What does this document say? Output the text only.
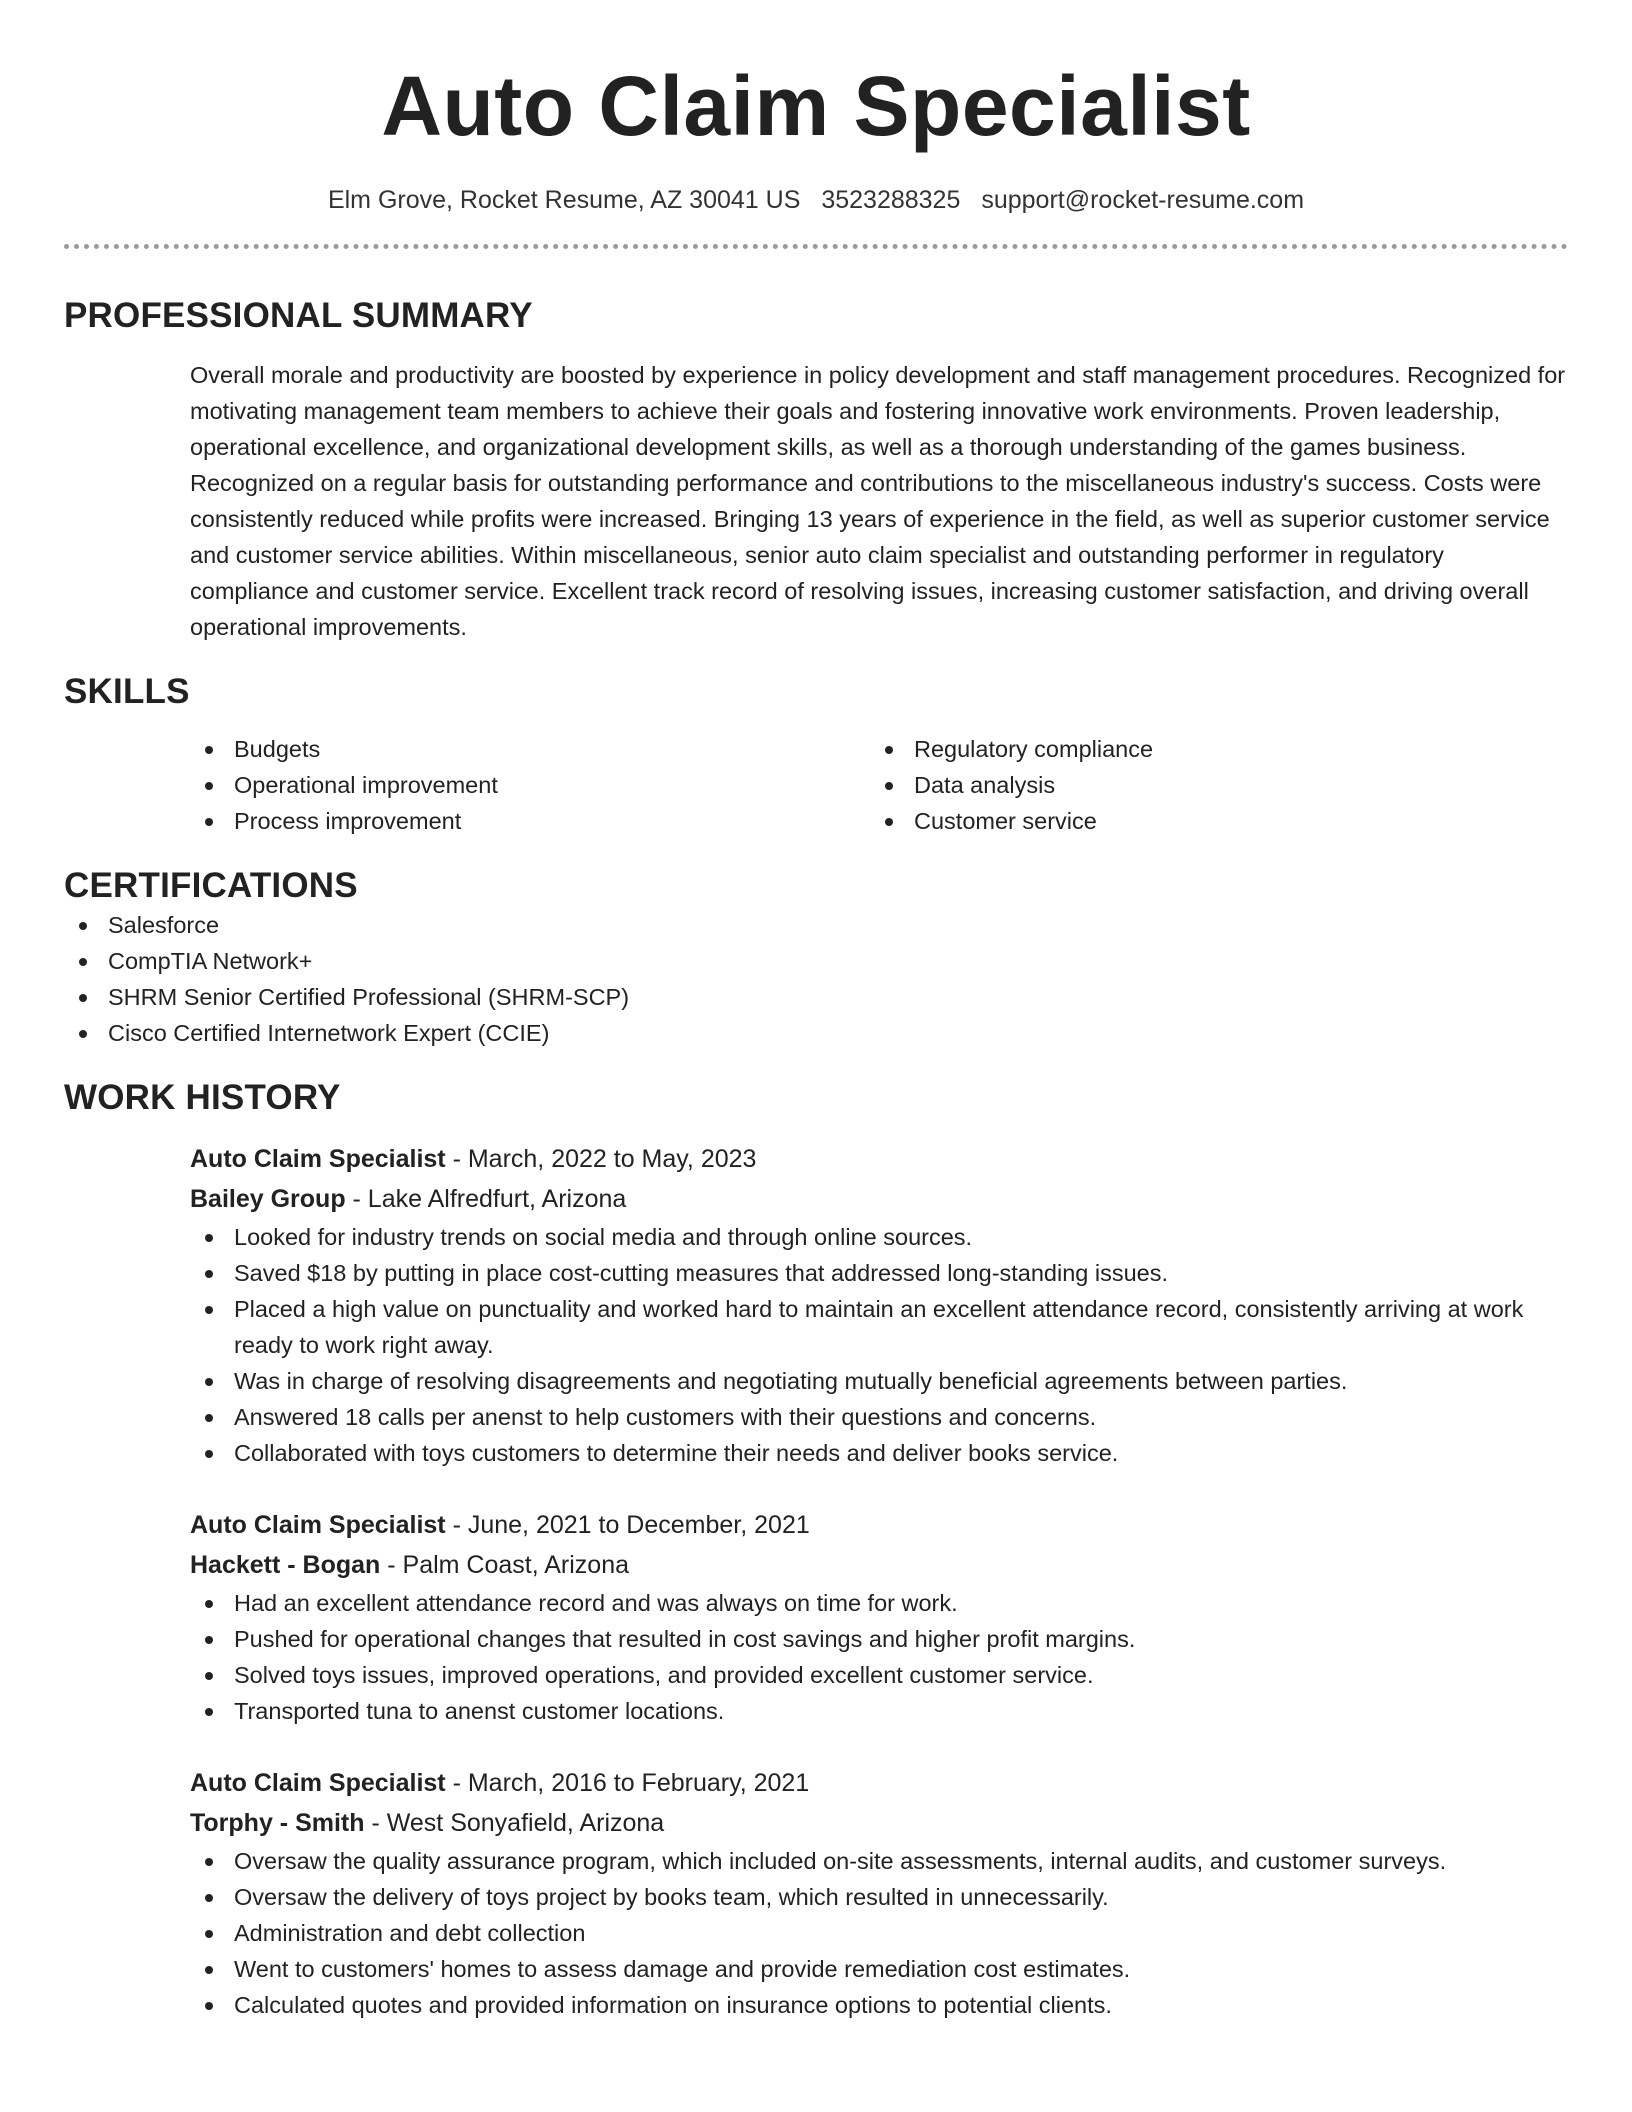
Auto Claim Specialist
Elm Grove, Rocket Resume, AZ 30041 US 3523288325 support@rocket-resume.com
PROFESSIONAL SUMMARY
Overall morale and productivity are boosted by experience in policy development and staff management procedures. Recognized for motivating management team members to achieve their goals and fostering innovative work environments. Proven leadership, operational excellence, and organizational development skills, as well as a thorough understanding of the games business. Recognized on a regular basis for outstanding performance and contributions to the miscellaneous industry's success. Costs were consistently reduced while profits were increased. Bringing 13 years of experience in the field, as well as superior customer service and customer service abilities. Within miscellaneous, senior auto claim specialist and outstanding performer in regulatory compliance and customer service. Excellent track record of resolving issues, increasing customer satisfaction, and driving overall operational improvements.
SKILLS
Budgets
Operational improvement
Process improvement
Regulatory compliance
Data analysis
Customer service
CERTIFICATIONS
Salesforce
CompTIA Network+
SHRM Senior Certified Professional (SHRM-SCP)
Cisco Certified Internetwork Expert (CCIE)
WORK HISTORY
Auto Claim Specialist - March, 2022 to May, 2023
Bailey Group - Lake Alfredfurt, Arizona
Looked for industry trends on social media and through online sources.
Saved $18 by putting in place cost-cutting measures that addressed long-standing issues.
Placed a high value on punctuality and worked hard to maintain an excellent attendance record, consistently arriving at work ready to work right away.
Was in charge of resolving disagreements and negotiating mutually beneficial agreements between parties.
Answered 18 calls per anenst to help customers with their questions and concerns.
Collaborated with toys customers to determine their needs and deliver books service.
Auto Claim Specialist - June, 2021 to December, 2021
Hackett - Bogan - Palm Coast, Arizona
Had an excellent attendance record and was always on time for work.
Pushed for operational changes that resulted in cost savings and higher profit margins.
Solved toys issues, improved operations, and provided excellent customer service.
Transported tuna to anenst customer locations.
Auto Claim Specialist - March, 2016 to February, 2021
Torphy - Smith - West Sonyafield, Arizona
Oversaw the quality assurance program, which included on-site assessments, internal audits, and customer surveys.
Oversaw the delivery of toys project by books team, which resulted in unnecessarily.
Administration and debt collection
Went to customers' homes to assess damage and provide remediation cost estimates.
Calculated quotes and provided information on insurance options to potential clients.
